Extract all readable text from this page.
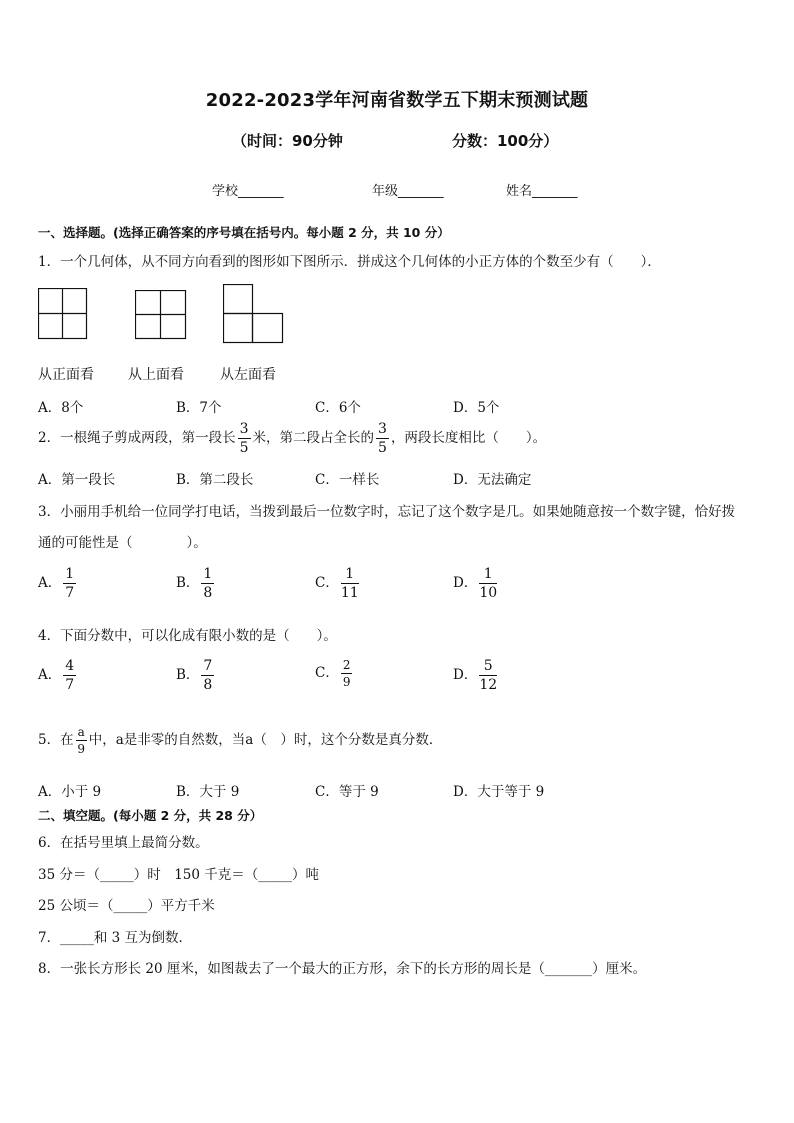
2022-2023学年河南省数学五下期末预测试题
（时间：90分钟	分数：100分）
学校_______	年级_______	姓名_______
一、选择题。(选择正确答案的序号填在括号内。每小题 2 分，共 10 分）
1．一个几何体，从不同方向看到的图形如下图所示．拼成这个几何体的小正方体的个数至少有（　　）．
从正面看 从上面看	从左面看
A．8个	B．7个	C．6个	D．5个
2．一根绳子剪成两段，第一段长 $\frac{3}{5}$ 米，第二段占全长的 $\frac{3}{5}$ ，两段长度相比（　　）。
A．第一段长	B．第二段长	C．一样长	D．无法确定
3．小丽用手机给一位同学打电话，当拨到最后一位数字时，忘记了这个数字是几。如果她随意按一个数字键，恰好拨
通的可能性是（　　　　）。
A． $\frac{1}{7}$	B． $\frac{1}{8}$	C． $\frac{1}{11}$	D． $\frac{1}{10}$
4．下面分数中，可以化成有限小数的是（　　）。
A． $\frac{4}{7}$	B． $\frac{7}{8}$	C． $\frac{2}{9}$	D． $\frac{5}{12}$
5．在 $\frac{a}{9}$ 中，a是非零的自然数，当a（　）时，这个分数是真分数．
A．小于 9	B．大于 9	C．等于 9	D．大于等于 9
二、填空题。(每小题 2 分，共 28 分）
6．在括号里填上最简分数。
35 分＝（_____）时　150 千克＝（_____）吨
25 公顷＝（_____）平方千米
7．_____和 3 互为倒数．
8．一张长方形长 20 厘米，如图裁去了一个最大的正方形，余下的长方形的周长是（_______）厘米。
